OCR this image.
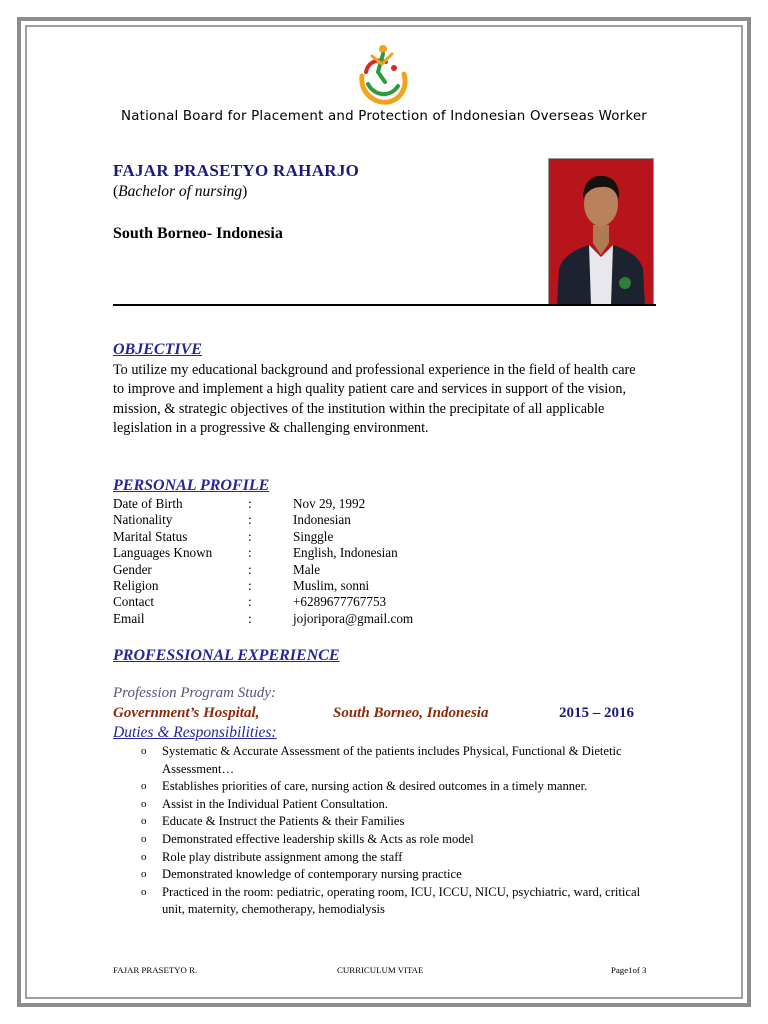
National Board for Placement and Protection of Indonesian Overseas Worker
FAJAR PRASETYO RAHARJO
(Bachelor of nursing)
South Borneo- Indonesia
OBJECTIVE
To utilize my educational background and professional experience in the field of health care to improve and implement a high quality patient care and services in support of the vision, mission, & strategic objectives of the institution within the precipitate of all applicable legislation in a progressive & challenging environment.
PERSONAL PROFILE
Date of Birth	:	Nov 29, 1992
Nationality	:	Indonesian
Marital Status	:	Singgle
Languages Known	:	English, Indonesian
Gender	:	Male
Religion	:	Muslim, sonni
Contact	:	+6289677767753
Email	:	jojoripora@gmail.com
PROFESSIONAL EXPERIENCE
Profession Program Study:
Government’s Hospital,	South Borneo, Indonesia	2015 – 2016
Duties & Responsibilities:
o Systematic & Accurate Assessment of the patients includes Physical, Functional & Dietetic Assessment…
o Establishes priorities of care, nursing action & desired outcomes in a timely manner.
o Assist in the Individual Patient Consultation.
o Educate & Instruct the Patients & their Families
o Demonstrated effective leadership skills & Acts as role model
o Role play distribute assignment among the staff
o Demonstrated knowledge of contemporary nursing practice
o Practiced in the room: pediatric, operating room, ICU, ICCU, NICU, psychiatric, ward, critical unit, maternity, chemotherapy, hemodialysis
FAJAR PRASETYO R.	CURRICULUM VITAE	Page1of 3
